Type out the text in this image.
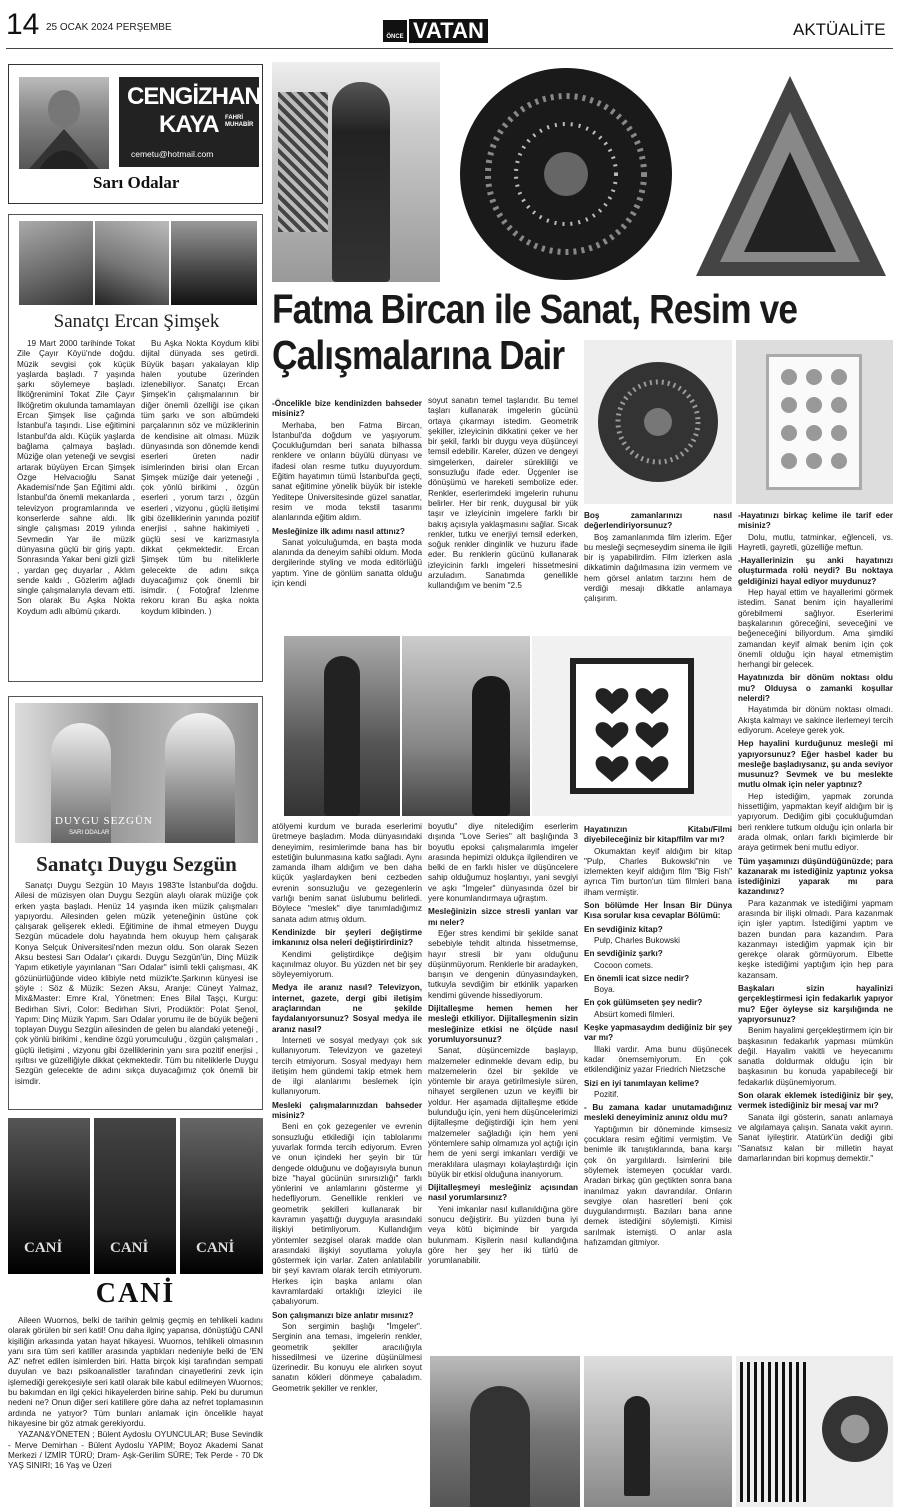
14 25 OCAK 2024 PERŞEMBE
ÖNCE VATAN	AKTÜALİTE
CENGİZHAN
KAYA FAHRİ MUHABİR
cemetu@hotmail.com
Sarı Odalar
Sanatçı Ercan Şimşek

19 Mart 2000 tarihinde Tokat Zile Çayır Köyü'nde doğdu. Müzik sevgisi çok küçük yaşlarda başladı. 7 yaşında şarkı söylemeye başladı. İlköğreniminí Tokat Zile Çayır İlköğretim okulunda tamamlayan Ercan Şimşek lise çağında İstanbul'a taşındı. Lise eğitimini İstanbul'da aldı. Küçük yaşlarda bağlama çalmaya başladı. Müziğe olan yeteneği ve sevgisi artarak büyüyen Ercan Şimşek Özge Helvacıoğlu Sanat Akademisi'nde Şan Eğitimi aldı. İstanbul'da önemli mekanlarda , televizyon programlarında ve konserlerde sahne aldı. İlk single çalışması 2019 yılında Sevmedin Yar ile müzik dünyasına güçlü bir giriş yaptı. Sonrasında Yakar beni gizli gizli , yardan geç duyarlar , Aklım sende kaldı , Gözlerim ağladı single çalışmalarıyla devam etti. Son olarak Bu Aşka Nokta Koydum adlı albümü çıkardı.

Bu Aşka Nokta Koydum klibi dijital dünyada ses getirdi. Büyük başarı yakalayan klip halen youtube üzerinden izlenebiliyor. Sanatçı Ercan Şimşek'in çalışmalarının bir diğer önemli özelliği ise çıkan tüm şarkı ve son albümdeki parçalarının söz ve müziklerinin de kendisine ait olması. Müzik dünyasında son dönemde kendi eserleri üreten nadir isimlerinden birisi olan Ercan Şimşek müziğe dair yeteneği , çok yönlü birikimi , özgün eserleri , yorum tarzı , özgün eserleri , vizyonu , güçlü iletişimi gibi özelliklerinin yanında pozitif enerjisi , sahne hakimiyeti , güçlü sesi ve karizmasıyla dikkat çekmektedir. Ercan Şimşek tüm bu niteliklerle gelecekte de adını sıkça duyacağımız çok önemli bir isimdir. ( Fotoğraf İzlenme rekoru kıran Bu aşka nokta koydum klibinden. )

DUYGU SEZGÜN
SARI ODALAR
Sanatçı Duygu Sezgün

Sanatçı Duygu Sezgün 10 Mayıs 1983'te İstanbul'da doğdu. Ailesi de müzisyen olan Duygu Sezgün alaylı olarak müziğe çok erken yaşta başladı. Henüz 14 yaşında iken müzik çalışmaları yapıyordu. Ailesinden gelen müzik yeteneğinin üstüne çok çalışarak gelişerek ekledi. Eğitimine de ihmal etmeyen Duygu Sezgün mücadele dolu hayatında hem okuyup hem çalışarak Konya Selçuk Üniversitesi'nden mezun oldu. Son olarak Sezen Aksu bestesi Sarı Odalar'ı çıkardı. Duygu Sezgün'ün, Dinç Müzik Yapım etiketiyle yayınlanan "Sarı Odalar" isimli tekli çalışması, 4K gözünürlüğünde video klibiyle netd müzik'te.Şarkının künyesi ise şöyle : Söz & Müzik: Sezen Aksu, Aranje: Cüneyt Yalmaz, Mix&Master: Emre Kral, Yönetmen: Enes Bilal Taşçı, Kurgu: Bedirhan Sivri, Color: Bedirhan Sivri, Prodüktör: Polat Şenol, Yapım: Dinç Müzik Yapım. Sarı Odalar yorumu ile de büyük beğeni toplayan Duygu Sezgün ailesinden de gelen bu alandaki yeteneği , çok yönlü birikimi , kendine özgü yorumculuğu , özgün çalışmaları , güçlü iletişimi , vizyonu gibi özelliklerinin yanı sıra pozitif enerjisi , ışıltısı ve güzelliğiyle dikkat çekmektedir. Tüm bu niteliklerle Duygu Sezgün gelecekte de adını sıkça duyacağımız çok önemli bir isimdir.

CANİ	CANİ	CANİ
CANİ

Aileen Wuornos, belki de tarihin gelmiş geçmiş en tehlikeli kadını olarak görülen bir seri katil! Onu daha ilginç yapansa, dönüştüğü CANİ kişiliğin arkasında yatan hayat hikayesi. Wuornos, tehlikeli olmasının yanı sıra tüm seri katiller arasında yaptıkları nedeniyle belki de 'EN AZ' nefret edilen isimlerden biri. Hatta birçok kişi tarafından sempati duyulan ve bazı psikoanalistler tarafından cinayetlerini zevk için işlemediği gerekçesiyle seri katil olarak bile kabul edilmeyen Wuornos; bu bakımdan en ilgi çekici hikayelerden birine sahip. Peki bu durumun nedeni ne? Onun diğer seri katillere göre daha az nefret toplamasının ardında ne yatıyor? Tüm bunları anlamak için öncelikle hayat hikayesine bir göz atmak gerekiyordu.

YAZAN&YÖNETEN ; Bülent Aydoslu OYUNCULAR; Buse Sevindik - Merve Demirhan - Bülent Aydoslu YAPIM; Boyoz Akademi Sanat Merkezi / İZMİR TÜRÜ; Dram- Aşk-Gerilim SÜRE; Tek Perde - 70 Dk YAŞ SINIRI; 16 Yaş ve Üzeri

Fatma Bircan ile Sanat, Resim ve
Çalışmalarına Dair

-Öncelikle bize kendinizden bahseder misiniz?

Merhaba, ben Fatma Bircan, İstanbul'da doğdum ve yaşıyorum. Çocukluğumdan beri sanata bilhassa renklere ve onların büyülü dünyası ve ifadesi olan resme tutku duyuyordum. Eğitim hayatımın tümü İstanbul'da geçti, sanat eğitimine yönelik büyük bir istekle Yeditepe Üniversitesinde güzel sanatlar, resim ve moda tekstil tasarımı alanlarında eğitim aldım.

Mesleğinize ilk adımı nasıl attınız?

Sanat yolculuğumda, en başta moda alanında da deneyim sahibi oldum. Moda dergilerinde styling ve moda editörlüğü yaptım. Yine de gönlüm sanatta olduğu için kendi

soyut sanatın temel taşlarıdır. Bu temel taşları kullanarak imgelerin gücünü ortaya çıkarmayı istedim. Geometrik şekiller, izleyicinin dikkatini çeker ve her bir şekil, farklı bir duygu veya düşünceyi temsil edebilir. Kareler, düzen ve dengeyi simgelerken, daireler sürekliliği ve sonsuzluğu ifade eder. Üçgenler ise dönüşümü ve hareketi sembolize eder. Renkler, eserlerimdeki imgelerin ruhunu belirler. Her bir renk, duygusal bir yük taşır ve izleyicinin imgelere farklı bir bakış açısıyla yaklaşmasını sağlar. Sıcak renkler, tutku ve enerjiyi temsil ederken, soğuk renkler dinginlik ve huzuru ifade eder. Bu renklerin gücünü kullanarak izleyicinin farklı imgeleri hissetmesini arzuladım. Sanatımda genellikle kullandığım ve benim "2.5

Boş zamanlarınızı nasıl değerlendiriyorsunuz?

Boş zamanlarımda film izlerim. Eğer bu mesleği seçmeseydim sinema ile ilgili bir iş yapabilirdim. Film izlerken asla dikkatimin dağılmasına izin vermem ve hem görsel anlatım tarzını hem de verdiği mesajı dikkatle anlamaya çalışırım.

-Hayatınızı birkaç kelime ile tarif eder misiniz?

Dolu, mutlu, tatminkar, eğlenceli, vs. Hayretli, gayretli, güzelliğe meftun.

-Hayallerinizin şu anki hayatınızı oluşturmada rolü neydi? Bu noktaya geldiğinizi hayal ediyor muydunuz?

Hep hayal ettim ve hayallerimi görmek istedim. Sanat benim için hayallerimi görebilmemi sağlıyor. Eserlerimi başkalarının göreceğini, seveceğini ve beğeneceğini biliyordum. Ama şimdiki zamandan keyif almak benim için çok önemli olduğu için hayal etmemiştim herhangi bir gelecek.

Hayatınızda bir dönüm noktası oldu mu? Olduysa o zamanki koşullar nelerdi?

Hayatımda bir dönüm noktası olmadı. Akışta kalmayı ve sakince ilerlemeyi tercih ediyorum. Aceleye gerek yok.

Hep hayalini kurduğunuz mesleği mi yapıyorsunuz? Eğer hasbel kader bu mesleğe başladıysanız, şu anda seviyor musunuz? Sevmek ve bu meslekte mutlu olmak için neler yaptınız?

Hep istediğim, yapmak zorunda hissettiğim, yapmaktan keyif aldığım bir iş yapıyorum. Dediğim gibi çocukluğumdan beri renklere tutkum olduğu için onlarla bir arada olmak, onları farklı biçimlerde bir araya getirmek beni mutlu ediyor.

Tüm yaşamınızı düşündüğünüzde; para kazanarak mı istediğiniz yaptınız yoksa istediğinizi yaparak mı para kazandınız?

Para kazanmak ve istediğimi yapmam arasında bir ilişki olmadı. Para kazanmak için işler yaptım. İstediğimi yaptım ve bazen bundan para kazandım. Para kazanmayı istediğim yapmak için bir gerekçe olarak görmüyorum. Elbette keşke istediğimi yaptığım için hep para kazansam.

Başkaları sizin hayalinizi gerçekleştirmesi için fedakarlık yapıyor mu? Eğer öyleyse siz karşılığında ne yapıyorsunuz?

Benim hayalimi gerçekleştirmem için bir başkasının fedakarlık yapması mümkün değil. Hayalim vakitli ve heyecanımı sanatla doldurmak olduğu için bir başkasının bu konuda yapabileceği bir fedakarlık düşünemiyorum.

Son olarak eklemek istediğiniz bir şey, vermek istediğiniz bir mesaj var mı?

Sanata ilgi gösterin, sanatı anlamaya ve algılamaya çalışın. Sanata vakit ayırın. Sanat iyileştirir. Atatürk'ün dediği gibi "Sanatsız kalan bir milletin hayat damarlarından biri kopmuş demektir."

atölyemi kurdum ve burada eserlerimi üretmeye başladım. Moda dünyasındaki deneyimim, resimlerimde bana has bir estetiğin bulunmasına katkı sağladı. Aynı zamanda ilham aldığım ve ben daha küçük yaşlardayken beni cezbeden evrenin sonsuzluğu ve gezegenlerin varlığı benim sanat üslubumu belirledi. Böylece "meslek" diye tanımladığımız sanata adım atmış oldum.

Kendinizde bir şeyleri değiştirme imkanınız olsa neleri değiştirirdiniz?

Kendimi geliştirdikçe değişim kaçınılmaz oluyor. Bu yüzden net bir şey söyleyemiyorum.

Medya ile aranız nasıl? Televizyon, internet, gazete, dergi gibi iletişim araçlarından ne şekilde faydalanıyorsunuz? Sosyal medya ile aranız nasıl?

İnterneti ve sosyal medyayı çok sık kullanıyorum. Televizyon ve gazeteyi tercih etmiyorum. Sosyal medyayı hem iletişim hem gündemi takip etmek hem de ilgi alanlarımı beslemek için kullanıyorum.

Mesleki çalışmalarınızdan bahseder misiniz?

Beni en çok gezegenler ve evrenin sonsuzluğu etkilediği için tablolarımı yuvarlak formda tercih ediyorum. Evren ve onun içindeki her şeyin bir tür dengede olduğunu ve doğayısıyla bunun bize "hayal gücünün sınırsızlığı" farklı yönlerini ve anlamlarını gösterme yi hedefliyorum. Genellikle renkleri ve geometrik şekilleri kullanarak bir kavramın yaşattığı duyguyla arasındaki ilişkiyi betimliyorum. Kullandığım yöntemler sezgisel olarak madde olan arasındaki ilişkiyi soyutlama yoluyla göstermek için varlar. Zaten anlatılabilir bir şeyi kavram olarak tercih etmiyorum. Herkes için başka anlamı olan kavramlardaki ortaklığı izleyici ile çabalıyorum.

Son çalışmanızı bize anlatır mısınız?

Son sergimin başlığı "İmgeler". Serginin ana teması, imgelerin renkler, geometrik şekiller aracılığıyla hissedilmesi ve üzerine düşünülmesi üzerinedir. Bu konuyu ele alırken soyut sanatın kökleri dönmeye çabaladım. Geometrik şekiller ve renkler,

boyutlu" diye nitelediğim eserlerim dışında "Love Series" alt başlığında 3 boyutlu epoksi çalışmalarımla imgeler arasında hepimizi oldukça ilgilendiren ve belki de en farklı hisler ve düşüncelere sahip olduğumuz hoşlantıyı, yani sevgiyi ve aşkı "İmgeler" dünyasında özel bir yere konumlandırmaya uğraştım.

Mesleğinizin sizce stresli yanları var mı neler?

Eğer stres kendimi bir şekilde sanat sebebiyle tehdit altında hissetmemse, hayır stresli bir yanı olduğunu düşünmüyorum. Renklerle bir aradayken, barışın ve dengenin dünyasındayken, tutkuyla sevdiğim bir etkinlik yaparken kendimi güvende hissediyorum.

Dijitalleşme hemen hemen her mesleği etkiliyor. Dijitalleşmenin sizin mesleğinize etkisi ne ölçüde nasıl yorumluyorsunuz?

Sanat, düşüncemizde başlayıp, malzemeler edinmekle devam edip, bu malzemelerin özel bir şekilde ve yöntemle bir araya getirilmesiyle süren, nihayet sergilenen uzun ve keyifli bir yoldur. Her aşamada dijitalleşme etkide bulunduğu için, yeni hem düşüncelerimizi dijitalleşme değiştirdiği için hem yeni malzemeler sağladığı için hem yeni yöntemlere sahip olmamıza yol açtığı için hem de yeni sergi imkanları verdiği ve meraklılara ulaşmayı kolaylaştırdığı için büyük bir etkisi olduğuna inanıyorum.

Dijitalleşmeyi mesleğiniz açısından nasıl yorumlarsınız?

Yeni imkanlar nasıl kullanıldığına göre sonucu değiştirir. Bu yüzden buna iyi veya kötü biçiminde bir yargıda bulunmam. Kişilerin nasıl kullandığına göre her şey her iki türlü de yorumlanabilir.

Hayatınızın Kitabı/Filmi diyebileceğiniz bir kitap/film var mı?

Okumaktan keyif aldığım bir kitap "Pulp, Charles Bukowski"nin ve izlemekten keyif aldığım film "Big Fish" ayrıca Tim burton'un tüm filmleri bana ilham vermiştir.

Son bölümde Her İnsan Bir Dünya Kısa sorular kısa cevaplar Bölümü:

En sevdiğiniz kitap?

Pulp, Charles Bukowski

En sevdiğiniz şarkı?

Cocoon comets.

En önemli icat sizce nedir?

Boya.

En çok gülümseten şey nedir?

Absürt komedi filmleri.

Keşke yapmasaydım dediğiniz bir şey var mı?

İllaki vardır. Ama bunu düşünecek kadar önemsemiyorum. En çok etkilendiğiniz yazar Friedrich Nietzsche

Sizi en iyi tanımlayan kelime?

Pozitif.

- Bu zamana kadar unutamadığınız mesleki deneyiminiz anınız oldu mu?

Yaptığımın bir döneminde kimsesiz çocuklara resim eğitimi vermiştim. Ve benimle ilk tanıştıklarında, bana karşı çok ön yargılılardı. İsimlerini bile söylemek istemeyen çocuklar vardı. Aradan birkaç gün geçtikten sonra bana inanılmaz yakın davrandılar. Onların sevgiye olan hasretleri beni çok duygulandırmıştı. Bazıları bana anne demek istediğini söylemişti. Kimisi sarılmak istemişti. O anlar asla hafızamdan gitmiyor.
